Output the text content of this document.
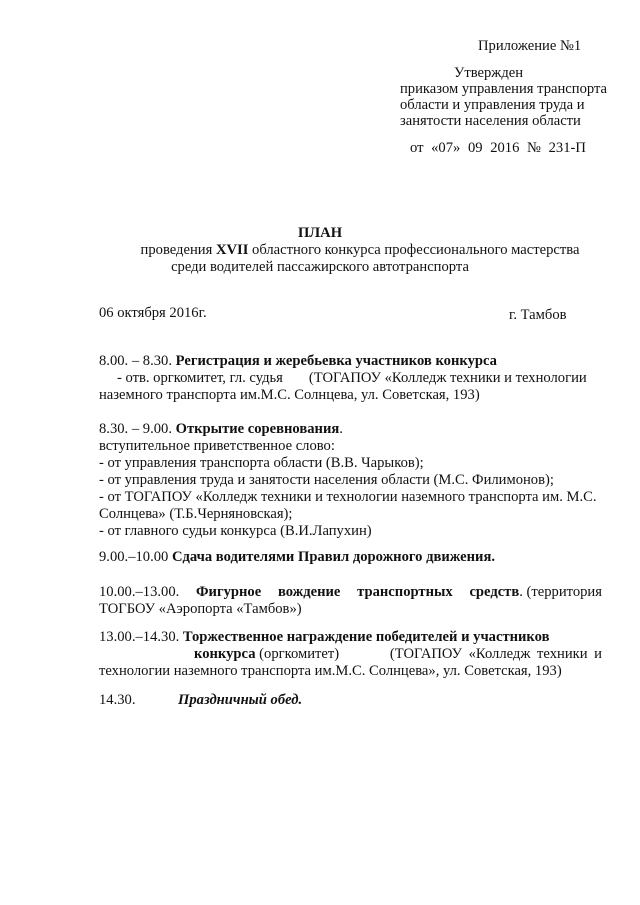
Приложение №1
Утвержден
приказом управления транспорта
области и управления труда и
занятости населения области
от «07» 09 2016 № 231-П
ПЛАН
проведения XVII областного конкурса профессионального мастерства
среди водителей пассажирского автотранспорта
06 октября 2016г.	г. Тамбов
8.00. – 8.30. Регистрация и жеребьевка участников конкурса
- отв. оргкомитет, гл. судья (ТОГАПОУ «Колледж техники и технологии
наземного транспорта им.М.С. Солнцева, ул. Советская, 193)
8.30. – 9.00. Открытие соревнования.
вступительное приветственное слово:
- от управления транспорта области (В.В. Чарыков);
- от управления труда и занятости населения области (М.С. Филимонов);
- от ТОГАПОУ «Колледж техники и технологии наземного транспорта им. М.С.
Солнцева» (Т.Б.Черняновская);
- от главного судьи конкурса (В.И.Лапухин)
9.00.–10.00 Сдача водителями Правил дорожного движения.
10.00.–13.00. Фигурное вождение транспортных средств. (территория
ТОГБОУ «Аэропорта «Тамбов»)
13.00.–14.30. Торжественное награждение победителей и участников
конкурса (оргкомитет)	(ТОГАПОУ «Колледж техники и
технологии наземного транспорта им.М.С. Солнцева», ул. Советская, 193)
14.30.	Праздничный обед.
